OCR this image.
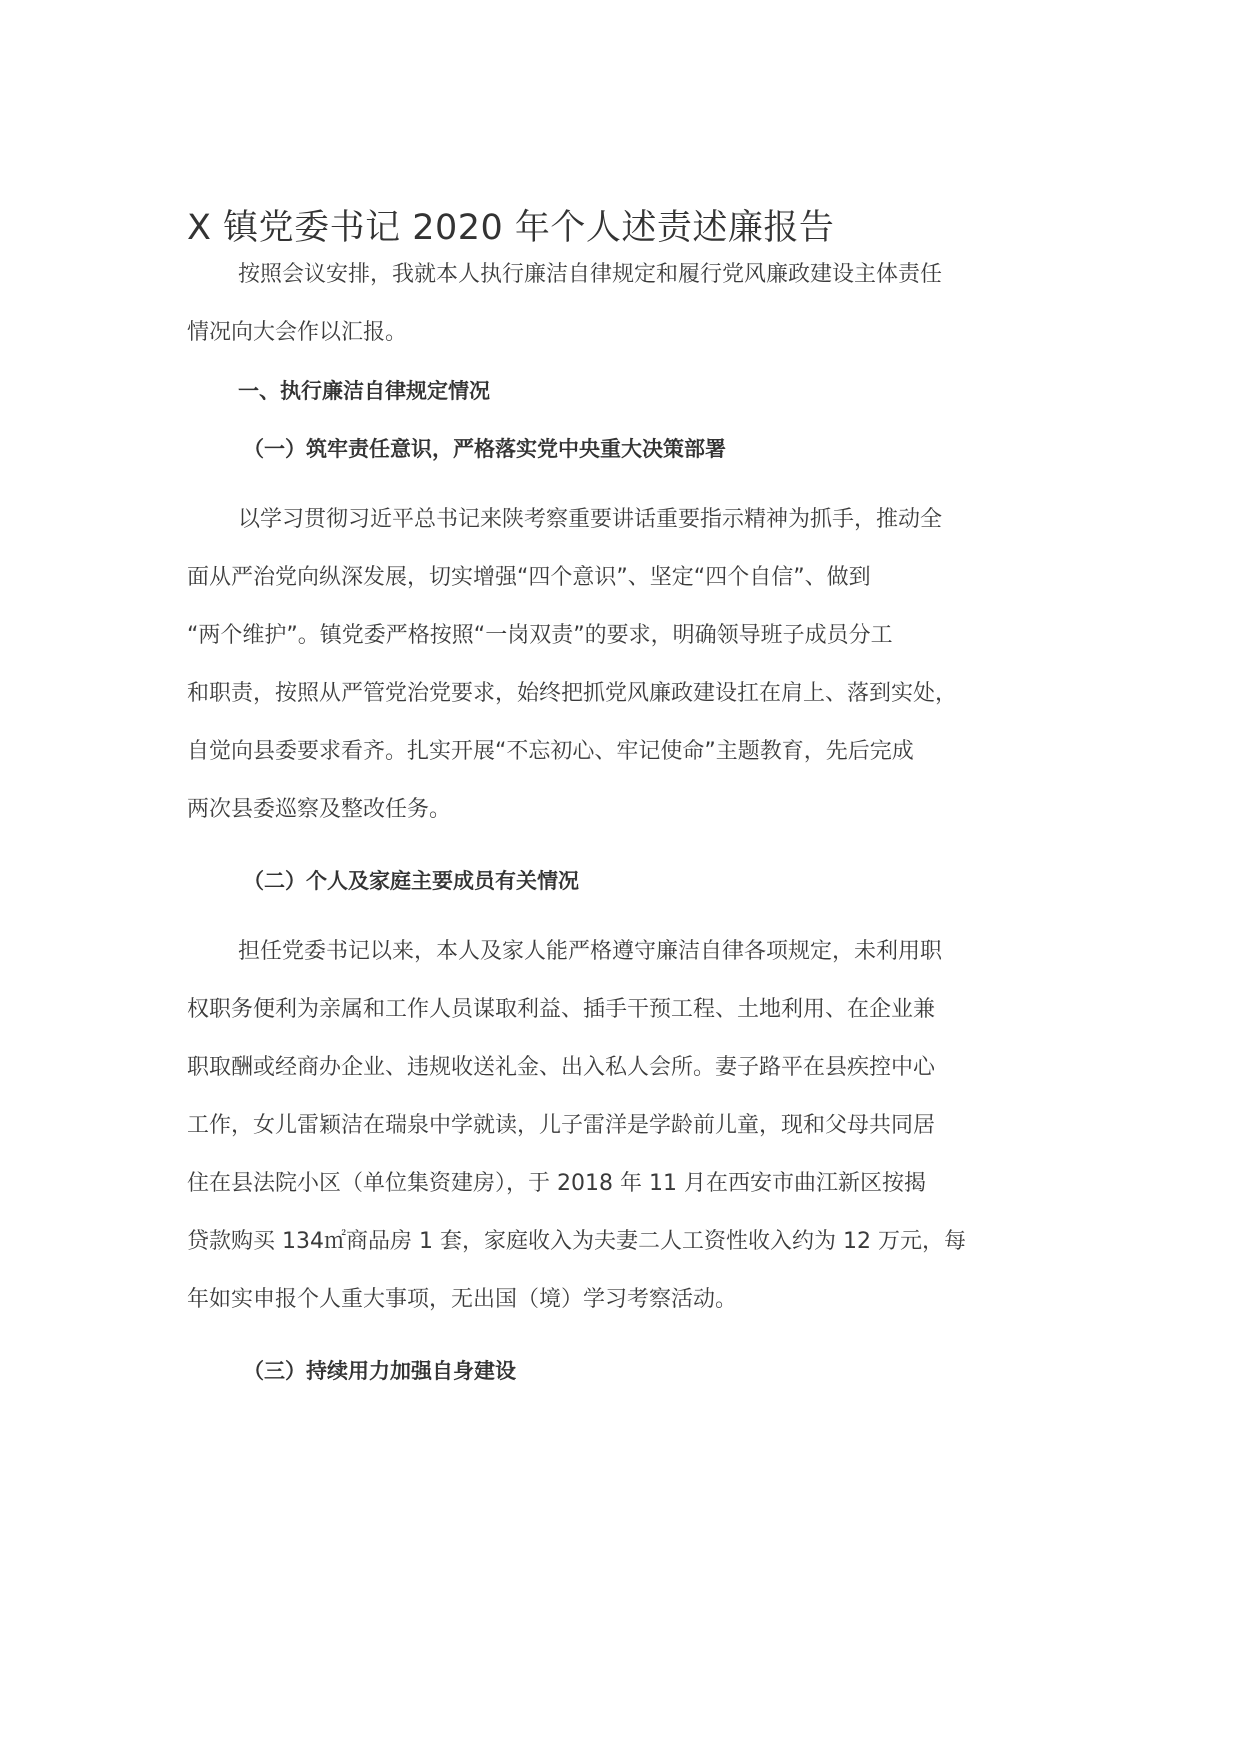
X 镇党委书记 2020 年个人述责述廉报告
按照会议安排，我就本人执行廉洁自律规定和履行党风廉政建设主体责任
情况向大会作以汇报。
一、执行廉洁自律规定情况
（一）筑牢责任意识，严格落实党中央重大决策部署
以学习贯彻习近平总书记来陕考察重要讲话重要指示精神为抓手，推动全
面从严治党向纵深发展，切实增强“四个意识”、坚定“四个自信”、做到
“两个维护”。镇党委严格按照“一岗双责”的要求，明确领导班子成员分工
和职责，按照从严管党治党要求，始终把抓党风廉政建设扛在肩上、落到实处，
自觉向县委要求看齐。扎实开展“不忘初心、牢记使命”主题教育，先后完成
两次县委巡察及整改任务。
（二）个人及家庭主要成员有关情况
担任党委书记以来，本人及家人能严格遵守廉洁自律各项规定，未利用职
权职务便利为亲属和工作人员谋取利益、插手干预工程、土地利用、在企业兼
职取酬或经商办企业、违规收送礼金、出入私人会所。妻子路平在县疾控中心
工作，女儿雷颖洁在瑞泉中学就读，儿子雷洋是学龄前儿童，现和父母共同居
住在县法院小区（单位集资建房），于 2018 年 11 月在西安市曲江新区按揭
贷款购买 134㎡商品房 1 套，家庭收入为夫妻二人工资性收入约为 12 万元，每
年如实申报个人重大事项，无出国（境）学习考察活动。
（三）持续用力加强自身建设
